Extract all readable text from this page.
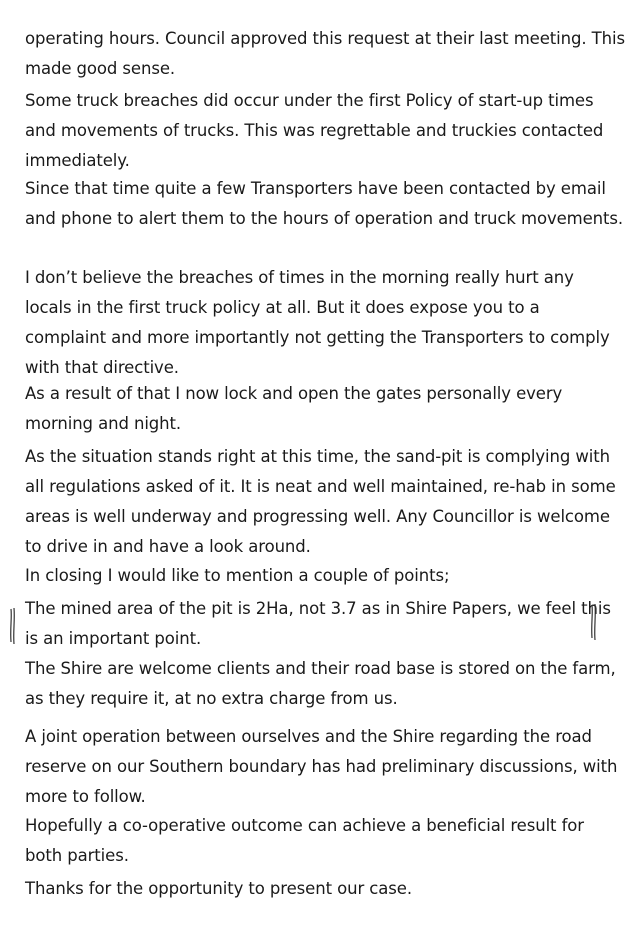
operating hours. Council approved this request at their last meeting. This made good sense.

Some truck breaches did occur under the first Policy of start-up times and movements of trucks. This was regrettable and truckies contacted immediately.

Since that time quite a few Transporters have been contacted by email and phone to alert them to the hours of operation and truck movements.

I don’t believe the breaches of times in the morning really hurt any locals in the first truck policy at all. But it does expose you to a complaint and more importantly not getting the Transporters to comply with that directive.

As a result of that I now lock and open the gates personally every morning and night.

As the situation stands right at this time, the sand-pit is complying with all regulations asked of it. It is neat and well maintained, re-hab in some areas is well underway and progressing well. Any Councillor is welcome to drive in and have a look around.

In closing I would like to mention a couple of points;

The mined area of the pit is 2Ha, not 3.7 as in Shire Papers, we feel this is an important point.

The Shire are welcome clients and their road base is stored on the farm, as they require it, at no extra charge from us.

A joint operation between ourselves and the Shire regarding the road reserve on our Southern boundary has had preliminary discussions, with more to follow.

Hopefully a co-operative outcome can achieve a beneficial result for both parties.

Thanks for the opportunity to present our case.
